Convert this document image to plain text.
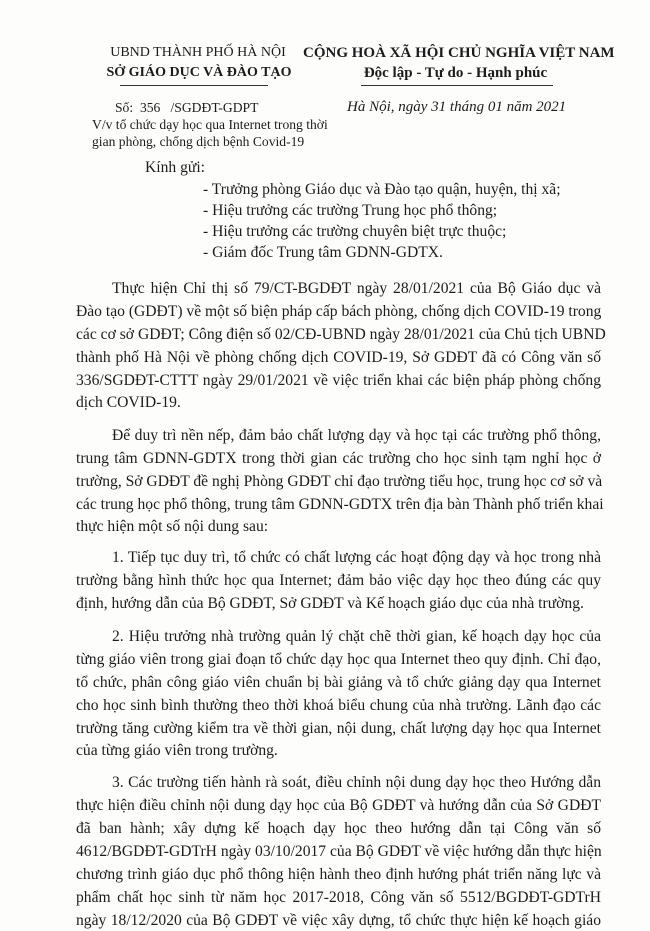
UBND THÀNH PHỐ HÀ NỘI
SỞ GIÁO DỤC VÀ ĐÀO TẠO
Số: 356 /SGDĐT-GDPT
V/v tổ chức dạy học qua Internet trong thời
gian phòng, chống dịch bệnh Covid-19
CỘNG HOÀ XÃ HỘI CHỦ NGHĨA VIỆT NAM
Độc lập - Tự do - Hạnh phúc
Hà Nội, ngày 31 tháng 01 năm 2021
Kính gửi:
- Trưởng phòng Giáo dục và Đào tạo quận, huyện, thị xã;
- Hiệu trưởng các trường Trung học phổ thông;
- Hiệu trưởng các trường chuyên biệt trực thuộc;
- Giám đốc Trung tâm GDNN-GDTX.
Thực hiện Chỉ thị số 79/CT-BGDĐT ngày 28/01/2021 của Bộ Giáo dục và
Đào tạo (GDĐT) về một số biện pháp cấp bách phòng, chống dịch COVID-19 trong
các cơ sở GDĐT; Công điện số 02/CĐ-UBND ngày 28/01/2021 của Chủ tịch UBND
thành phố Hà Nội về phòng chống dịch COVID-19, Sở GDĐT đã có Công văn số
336/SGDĐT-CTTT ngày 29/01/2021 về việc triển khai các biện pháp phòng chống
dịch COVID-19.
Để duy trì nền nếp, đảm bảo chất lượng dạy và học tại các trường phổ thông,
trung tâm GDNN-GDTX trong thời gian các trường cho học sinh tạm nghỉ học ở
trường, Sở GDĐT đề nghị Phòng GDĐT chỉ đạo trường tiểu học, trung học cơ sở và
các trung học phổ thông, trung tâm GDNN-GDTX trên địa bàn Thành phố triển khai
thực hiện một số nội dung sau:
1. Tiếp tục duy trì, tổ chức có chất lượng các hoạt động dạy và học trong nhà
trường bằng hình thức học qua Internet; đảm bảo việc dạy học theo đúng các quy
định, hướng dẫn của Bộ GDĐT, Sở GDĐT và Kế hoạch giáo dục của nhà trường.
2. Hiệu trưởng nhà trường quản lý chặt chẽ thời gian, kế hoạch dạy học của
từng giáo viên trong giai đoạn tổ chức dạy học qua Internet theo quy định. Chỉ đạo,
tổ chức, phân công giáo viên chuẩn bị bài giảng và tổ chức giảng dạy qua Internet
cho học sinh bình thường theo thời khoá biểu chung của nhà trường. Lãnh đạo các
trường tăng cường kiểm tra về thời gian, nội dung, chất lượng dạy học qua Internet
của từng giáo viên trong trường.
3. Các trường tiến hành rà soát, điều chỉnh nội dung dạy học theo Hướng dẫn
thực hiện điều chỉnh nội dung dạy học của Bộ GDĐT và hướng dẫn của Sở GDĐT
đã ban hành; xây dựng kế hoạch dạy học theo hướng dẫn tại Công văn số
4612/BGDĐT-GDTrH ngày 03/10/2017 của Bộ GDĐT về việc hướng dẫn thực hiện
chương trình giáo dục phổ thông hiện hành theo định hướng phát triển năng lực và
phẩm chất học sinh từ năm học 2017-2018, Công văn số 5512/BGDĐT-GDTrH
ngày 18/12/2020 của Bộ GDĐT về việc xây dựng, tổ chức thực hiện kế hoạch giáo
